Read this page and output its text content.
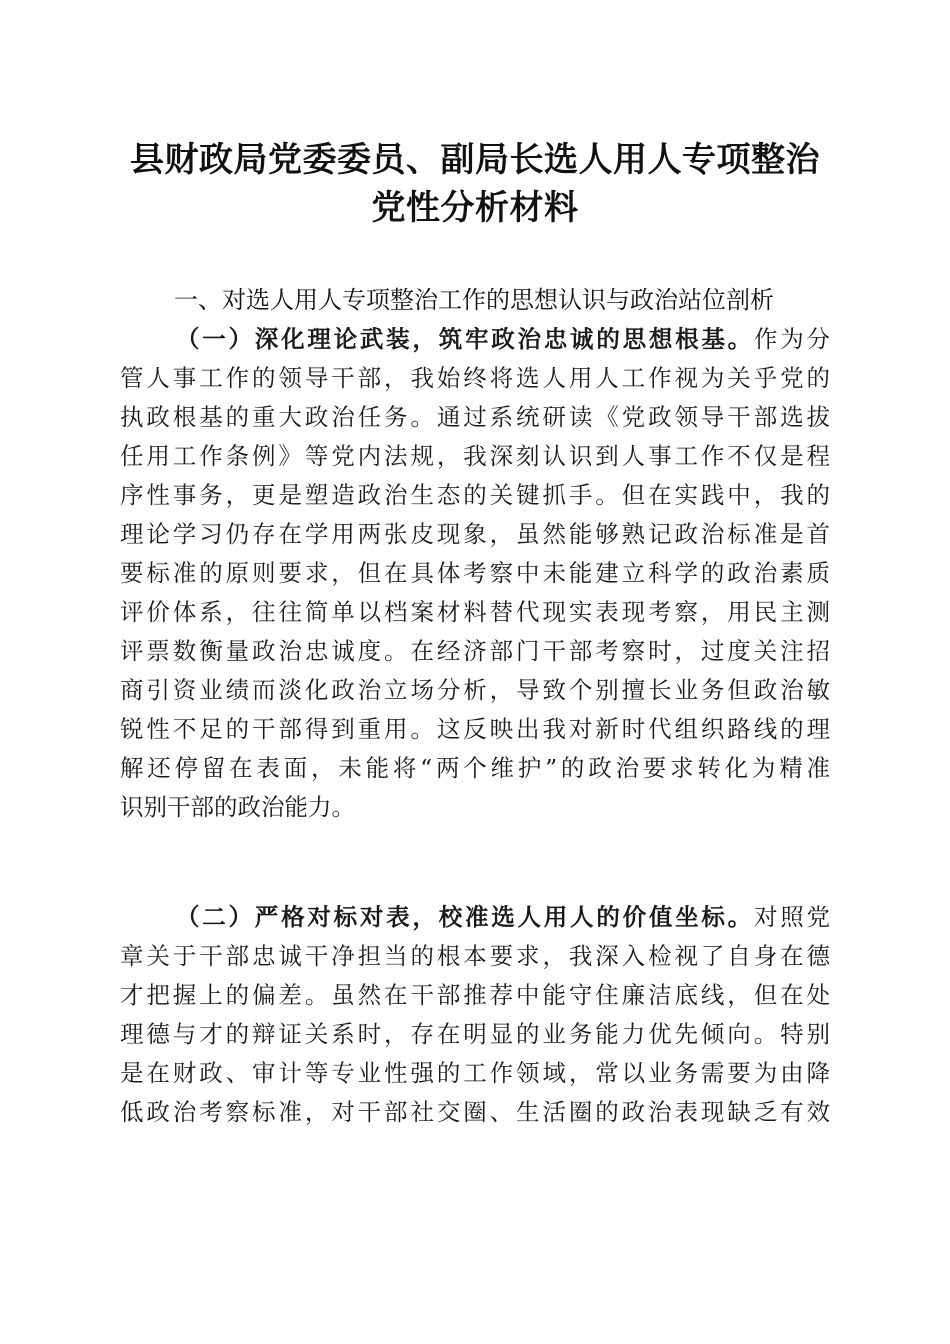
县财政局党委委员、副局长选人用人专项整治
党性分析材料
一、对选人用人专项整治工作的思想认识与政治站位剖析
（一）深化理论武装，筑牢政治忠诚的思想根基。作为分
管人事工作的领导干部，我始终将选人用人工作视为关乎党的
执政根基的重大政治任务。通过系统研读《党政领导干部选拔
任用工作条例》等党内法规，我深刻认识到人事工作不仅是程
序性事务，更是塑造政治生态的关键抓手。但在实践中，我的
理论学习仍存在学用两张皮现象，虽然能够熟记政治标准是首
要标准的原则要求，但在具体考察中未能建立科学的政治素质
评价体系，往往简单以档案材料替代现实表现考察，用民主测
评票数衡量政治忠诚度。在经济部门干部考察时，过度关注招
商引资业绩而淡化政治立场分析，导致个别擅长业务但政治敏
锐性不足的干部得到重用。这反映出我对新时代组织路线的理
解还停留在表面，未能将“两个维护”的政治要求转化为精准
识别干部的政治能力。
（二）严格对标对表，校准选人用人的价值坐标。对照党
章关于干部忠诚干净担当的根本要求，我深入检视了自身在德
才把握上的偏差。虽然在干部推荐中能守住廉洁底线，但在处
理德与才的辩证关系时，存在明显的业务能力优先倾向。特别
是在财政、审计等专业性强的工作领域，常以业务需要为由降
低政治考察标准，对干部社交圈、生活圈的政治表现缺乏有效
